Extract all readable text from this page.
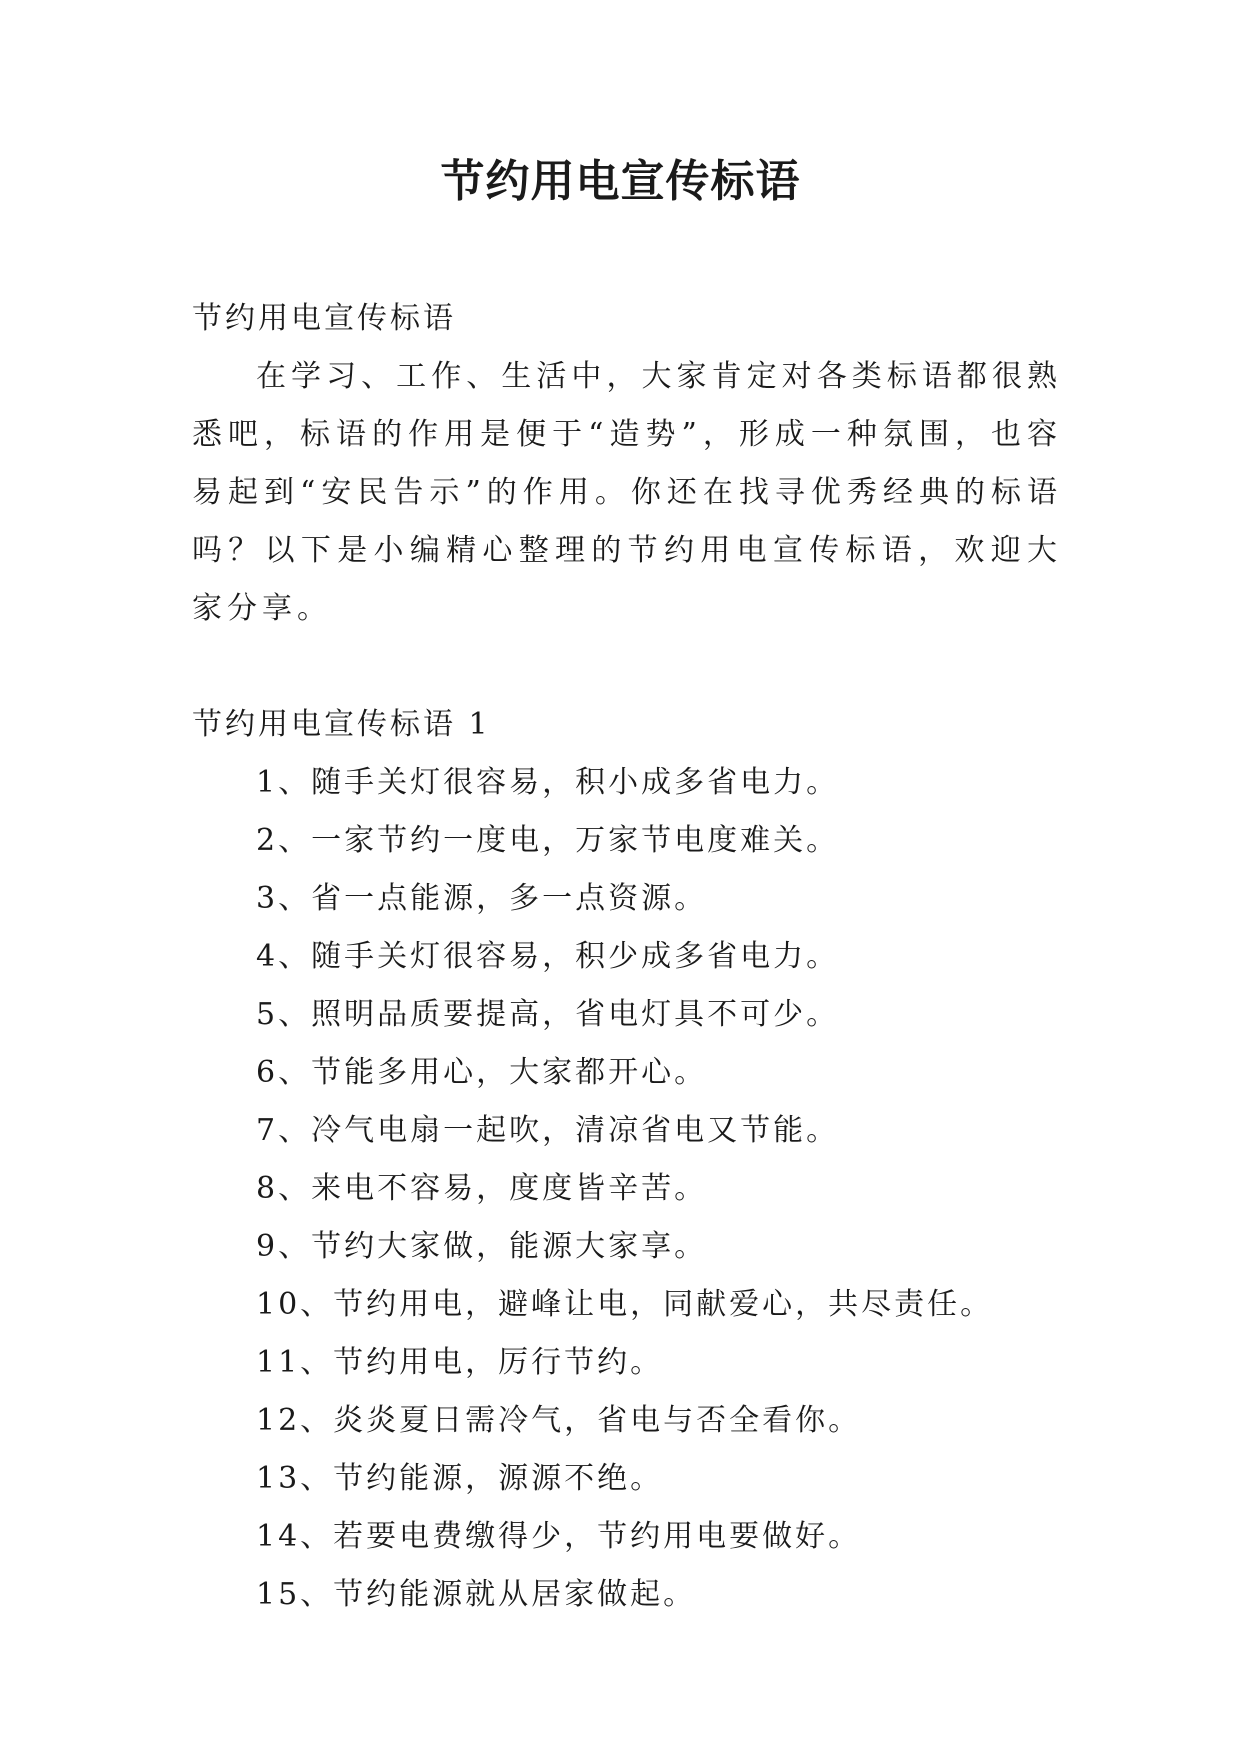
节约用电宣传标语

节约用电宣传标语

在学习、工作、生活中，大家肯定对各类标语都很熟悉吧，标语的作用是便于“造势”，形成一种氛围，也容易起到“安民告示”的作用。你还在找寻优秀经典的标语吗？以下是小编精心整理的节约用电宣传标语，欢迎大家分享。

节约用电宣传标语 1

1、随手关灯很容易，积小成多省电力。
2、一家节约一度电，万家节电度难关。
3、省一点能源，多一点资源。
4、随手关灯很容易，积少成多省电力。
5、照明品质要提高，省电灯具不可少。
6、节能多用心，大家都开心。
7、冷气电扇一起吹，清凉省电又节能。
8、来电不容易，度度皆辛苦。
9、节约大家做，能源大家享。
10、节约用电，避峰让电，同献爱心，共尽责任。
11、节约用电，厉行节约。
12、炎炎夏日需冷气，省电与否全看你。
13、节约能源，源源不绝。
14、若要电费缴得少，节约用电要做好。
15、节约能源就从居家做起。
